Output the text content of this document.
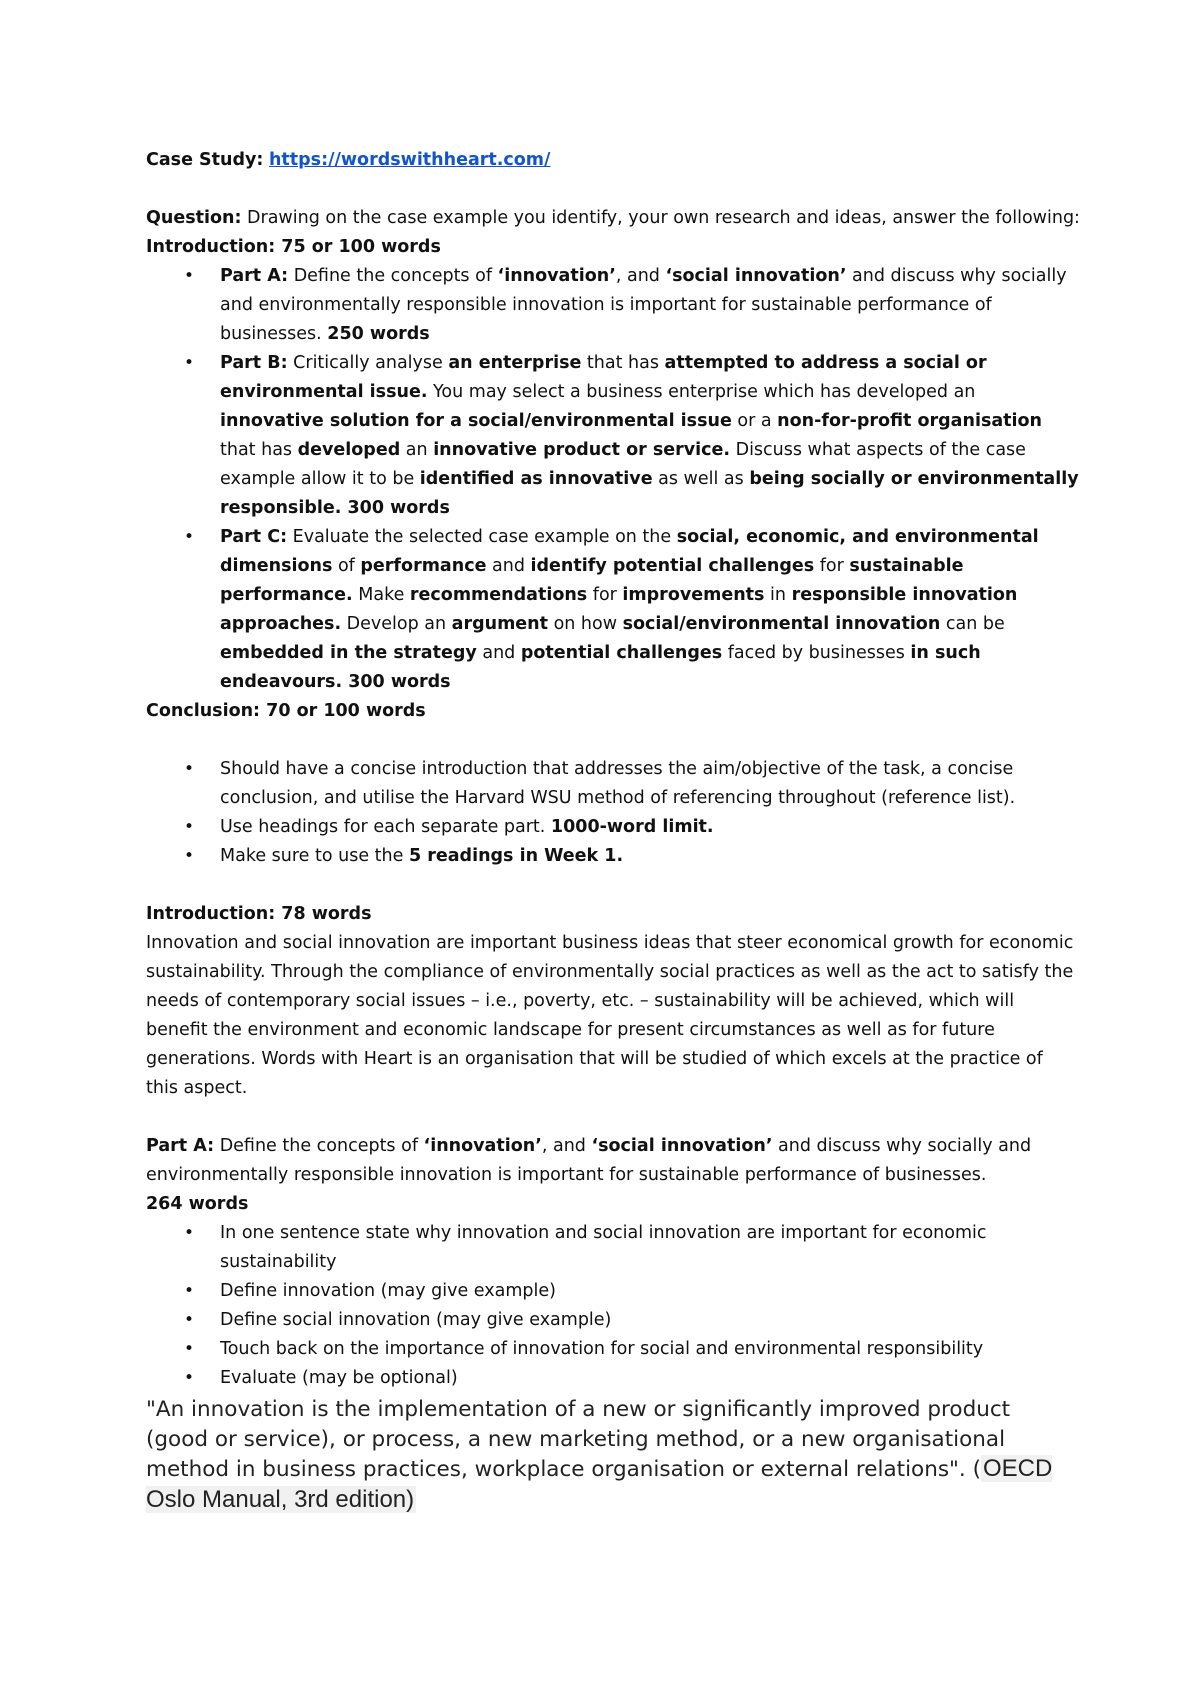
Case Study: https://wordswithheart.com/

Question: Drawing on the case example you identify, your own research and ideas, answer the following:

Introduction: 75 or 100 words

• Part A: Define the concepts of ‘innovation’, and ‘social innovation’ and discuss why socially and environmentally responsible innovation is important for sustainable performance of businesses. 250 words
• Part B: Critically analyse an enterprise that has attempted to address a social or environmental issue. You may select a business enterprise which has developed an innovative solution for a social/environmental issue or a non-for-profit organisation that has developed an innovative product or service. Discuss what aspects of the case example allow it to be identified as innovative as well as being socially or environmentally responsible. 300 words
• Part C: Evaluate the selected case example on the social, economic, and environmental dimensions of performance and identify potential challenges for sustainable performance. Make recommendations for improvements in responsible innovation approaches. Develop an argument on how social/environmental innovation can be embedded in the strategy and potential challenges faced by businesses in such endeavours. 300 words

Conclusion: 70 or 100 words

• Should have a concise introduction that addresses the aim/objective of the task, a concise conclusion, and utilise the Harvard WSU method of referencing throughout (reference list).
• Use headings for each separate part. 1000-word limit.
• Make sure to use the 5 readings in Week 1.

Introduction: 78 words

Innovation and social innovation are important business ideas that steer economical growth for economic sustainability. Through the compliance of environmentally social practices as well as the act to satisfy the needs of contemporary social issues – i.e., poverty, etc. – sustainability will be achieved, which will benefit the environment and economic landscape for present circumstances as well as for future generations. Words with Heart is an organisation that will be studied of which excels at the practice of this aspect.

Part A: Define the concepts of ‘innovation’, and ‘social innovation’ and discuss why socially and environmentally responsible innovation is important for sustainable performance of businesses.
264 words

• In one sentence state why innovation and social innovation are important for economic sustainability
• Define innovation (may give example)
• Define social innovation (may give example)
• Touch back on the importance of innovation for social and environmental responsibility
• Evaluate (may be optional)

"An innovation is the implementation of a new or significantly improved product (good or service), or process, a new marketing method, or a new organisational method in business practices, workplace organisation or external relations". (OECD Oslo Manual, 3rd edition)
